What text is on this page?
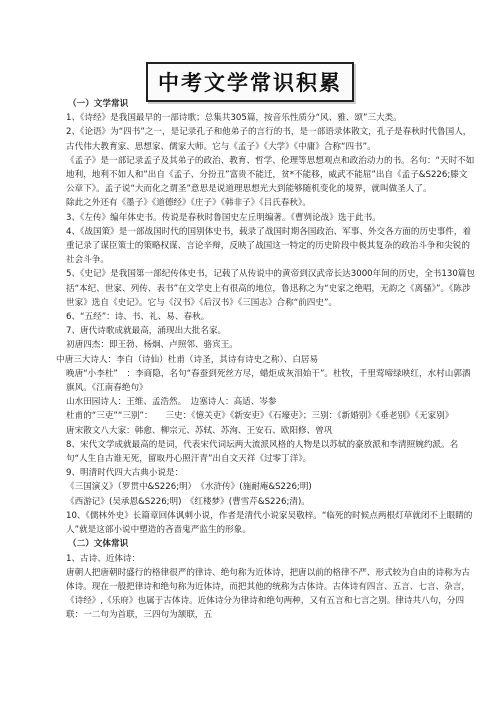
中考文学常识积累

（一）文学常识

1、《诗经》是我国最早的一部诗歌；总集共305篇，按音乐性质分“风、雅、颂”三大类。

2、《论语》为“四书”之一，是记录孔子和他弟子的言行的书，是一部语录体散文，孔子是春秋时代鲁国人，古代伟大教育家、思想家、儒家大师。它与《孟子》《大学》《中庸》合称“四书”。

《孟子》是一部记录孟子及其弟子的政治、教育、哲学、伦理等思想观点和政治动力的书。名句：“天时不如地利，地利不如人和”出自《孟子、分扮丑”富贵不能迁，贫*不能移，威武不能屈”出自《孟子&S226;滕文公章下》。孟子说“大而化之谓圣”意思是说道理思想光大到能够随机变化的境界，就叫做圣人了。

除此之外还有《墨子》《道德经》《庄子》《韩非子》《吕氏春秋》。

3、《左传》编年体史书。传说是春秋时鲁国史左丘明编著。《曹刿论战》选于此书。

4、《战国策》是一部战国时代的国别体史书，载录了战国时期各国政治、军事、外交各方面的历史事件，着重记录了谋臣策士的策略权谋、言论辛辩，反映了战国这一特定的历史阶段中极其复杂的政治斗争和尖锐的社会斗争。

5、《史记》是我国第一部纪传体史书，记载了从传说中的黄帝到汉武帝长达3000年间的历史，全书130篇包括“本纪、世家、列传、表书”在文学史上有很高的地位，鲁迅称之为“史家之绝唱，无韵之《离骚》”。《陈涉世家》选自《史记》。它与《汉书》《后汉书》《三国志》合称“前四史”。

6、“五经”：诗、书、礼、易、春秋。

7、唐代诗歌成就最高，涌现出大批名家。

初唐四杰：即王勃、杨炯、卢照邻、骆宾王。

中唐三大诗人：李白（诗仙）杜甫（诗圣，其诗有诗史之称）、白居易

晚唐“小李杜”　：李商隐，名句“春蚕到死丝方尽，蜡炬成灰泪始干”。杜牧，千里莺啼绿映红，水村山郭酒旗风。《江南春绝句》

山水田园诗人：王维、孟浩然。　边塞诗人：高适、岑参

杜甫的“三吏”“三别”：　　三史：《憶关吏》《新安吏》《石壕吏》；三别：《新婚别》《垂老别》《无家别》

唐宋散文八大家：韩愈、柳宗元、苏轼、苏洵、王安石、欧阳修、曾巩

8、宋代文学成就最高的是词，代表宋代词坛两大流派风格的人物是以苏轼的豪放派和李清照婉约派。名句“人生自古谁无死，留取丹心照汗青”出自文天祥《过零丁洋》。

9、明清时代四大古典小说是：

《三国演义》（罗贯中&S226;明）　《水浒传》(施耐庵&S226;明)

《西游记》(吴承恩&S226;明)　《红楼梦》(曹雪芹&S226;清)。

10、《儒林外史》长篇章回体讽刺小说，作者是清代小说家吴敬梓。“临死的时候点两根灯草就闭不上眼睛的人”就是这部小说中塑造的吝啬鬼严监生的形象。

（二）文体常识

1、古诗、近体诗：

唐朝人把唐朝时盛行的格律很严的律诗、绝句称为近体诗，把唐以前的格律不严、形式较为自由的诗称为古体诗。现在一般把律诗和绝句称为近体诗，而把其他的统称为古体诗。古体诗有四言、五言、七言、杂言，《诗经》,《乐府》也属于古体诗。近体诗分为律诗和绝句两种，又有五言和七言之别。律诗共八句，分四联：一二句为首联，三四句为颔联，五
